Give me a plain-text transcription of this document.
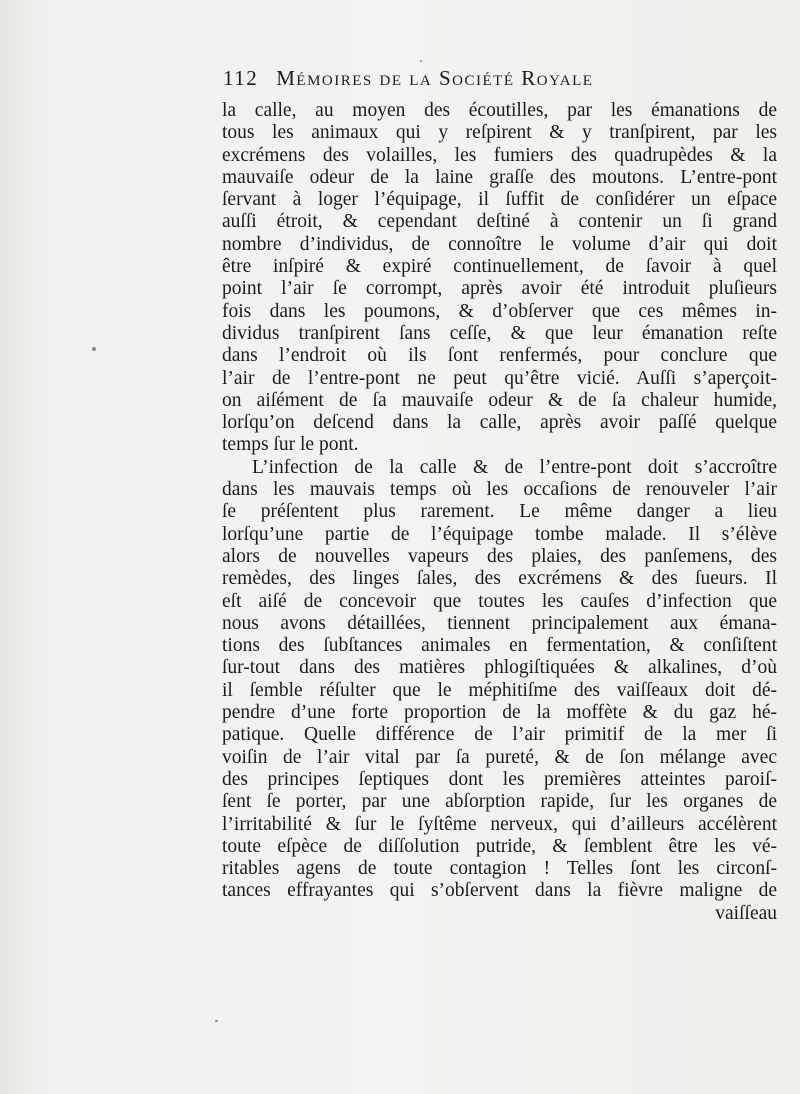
112 Mémoires de la Société Royale
la calle, au moyen des écoutilles, par les émanations de
tous les animaux qui y reſpirent & y tranſpirent, par les
excrémens des volailles, les fumiers des quadrupèdes & la
mauvaiſe odeur de la laine graſſe des moutons. L’entre-pont
ſervant à loger l’équipage, il ſuffit de conſidérer un eſpace
auſſi étroit, & cependant deſtiné à contenir un ſi grand
nombre d’individus, de connoître le volume d’air qui doit
être inſpiré & expiré continuellement, de ſavoir à quel
point l’air ſe corrompt, après avoir été introduit pluſieurs
fois dans les poumons, & d’obſerver que ces mêmes in-
dividus tranſpirent ſans ceſſe, & que leur émanation reſte
dans l’endroit où ils ſont renfermés, pour conclure que
l’air de l’entre-pont ne peut qu’être vicié. Auſſi s’aperçoit-
on aiſément de ſa mauvaiſe odeur & de ſa chaleur humide,
lorſqu’on deſcend dans la calle, après avoir paſſé quelque
temps ſur le pont.
L’infection de la calle & de l’entre-pont doit s’accroître
dans les mauvais temps où les occaſions de renouveler l’air
ſe préſentent plus rarement. Le même danger a lieu
lorſqu’une partie de l’équipage tombe malade. Il s’élève
alors de nouvelles vapeurs des plaies, des panſemens, des
remèdes, des linges ſales, des excrémens & des ſueurs. Il
eſt aiſé de concevoir que toutes les cauſes d’infection que
nous avons détaillées, tiennent principalement aux émana-
tions des ſubſtances animales en fermentation, & conſiſtent
ſur-tout dans des matières phlogiſtiquées & alkalines, d’où
il ſemble réſulter que le méphitiſme des vaiſſeaux doit dé-
pendre d’une forte proportion de la moffète & du gaz hé-
patique. Quelle différence de l’air primitif de la mer ſi
voiſin de l’air vital par ſa pureté, & de ſon mélange avec
des principes ſeptiques dont les premières atteintes paroiſ-
ſent ſe porter, par une abſorption rapide, ſur les organes de
l’irritabilité & ſur le ſyſtême nerveux, qui d’ailleurs accélèrent
toute eſpèce de diſſolution putride, & ſemblent être les vé-
ritables agens de toute contagion ! Telles ſont les circonſ-
tances effrayantes qui s’obſervent dans la fièvre maligne de
vaiſſeau
